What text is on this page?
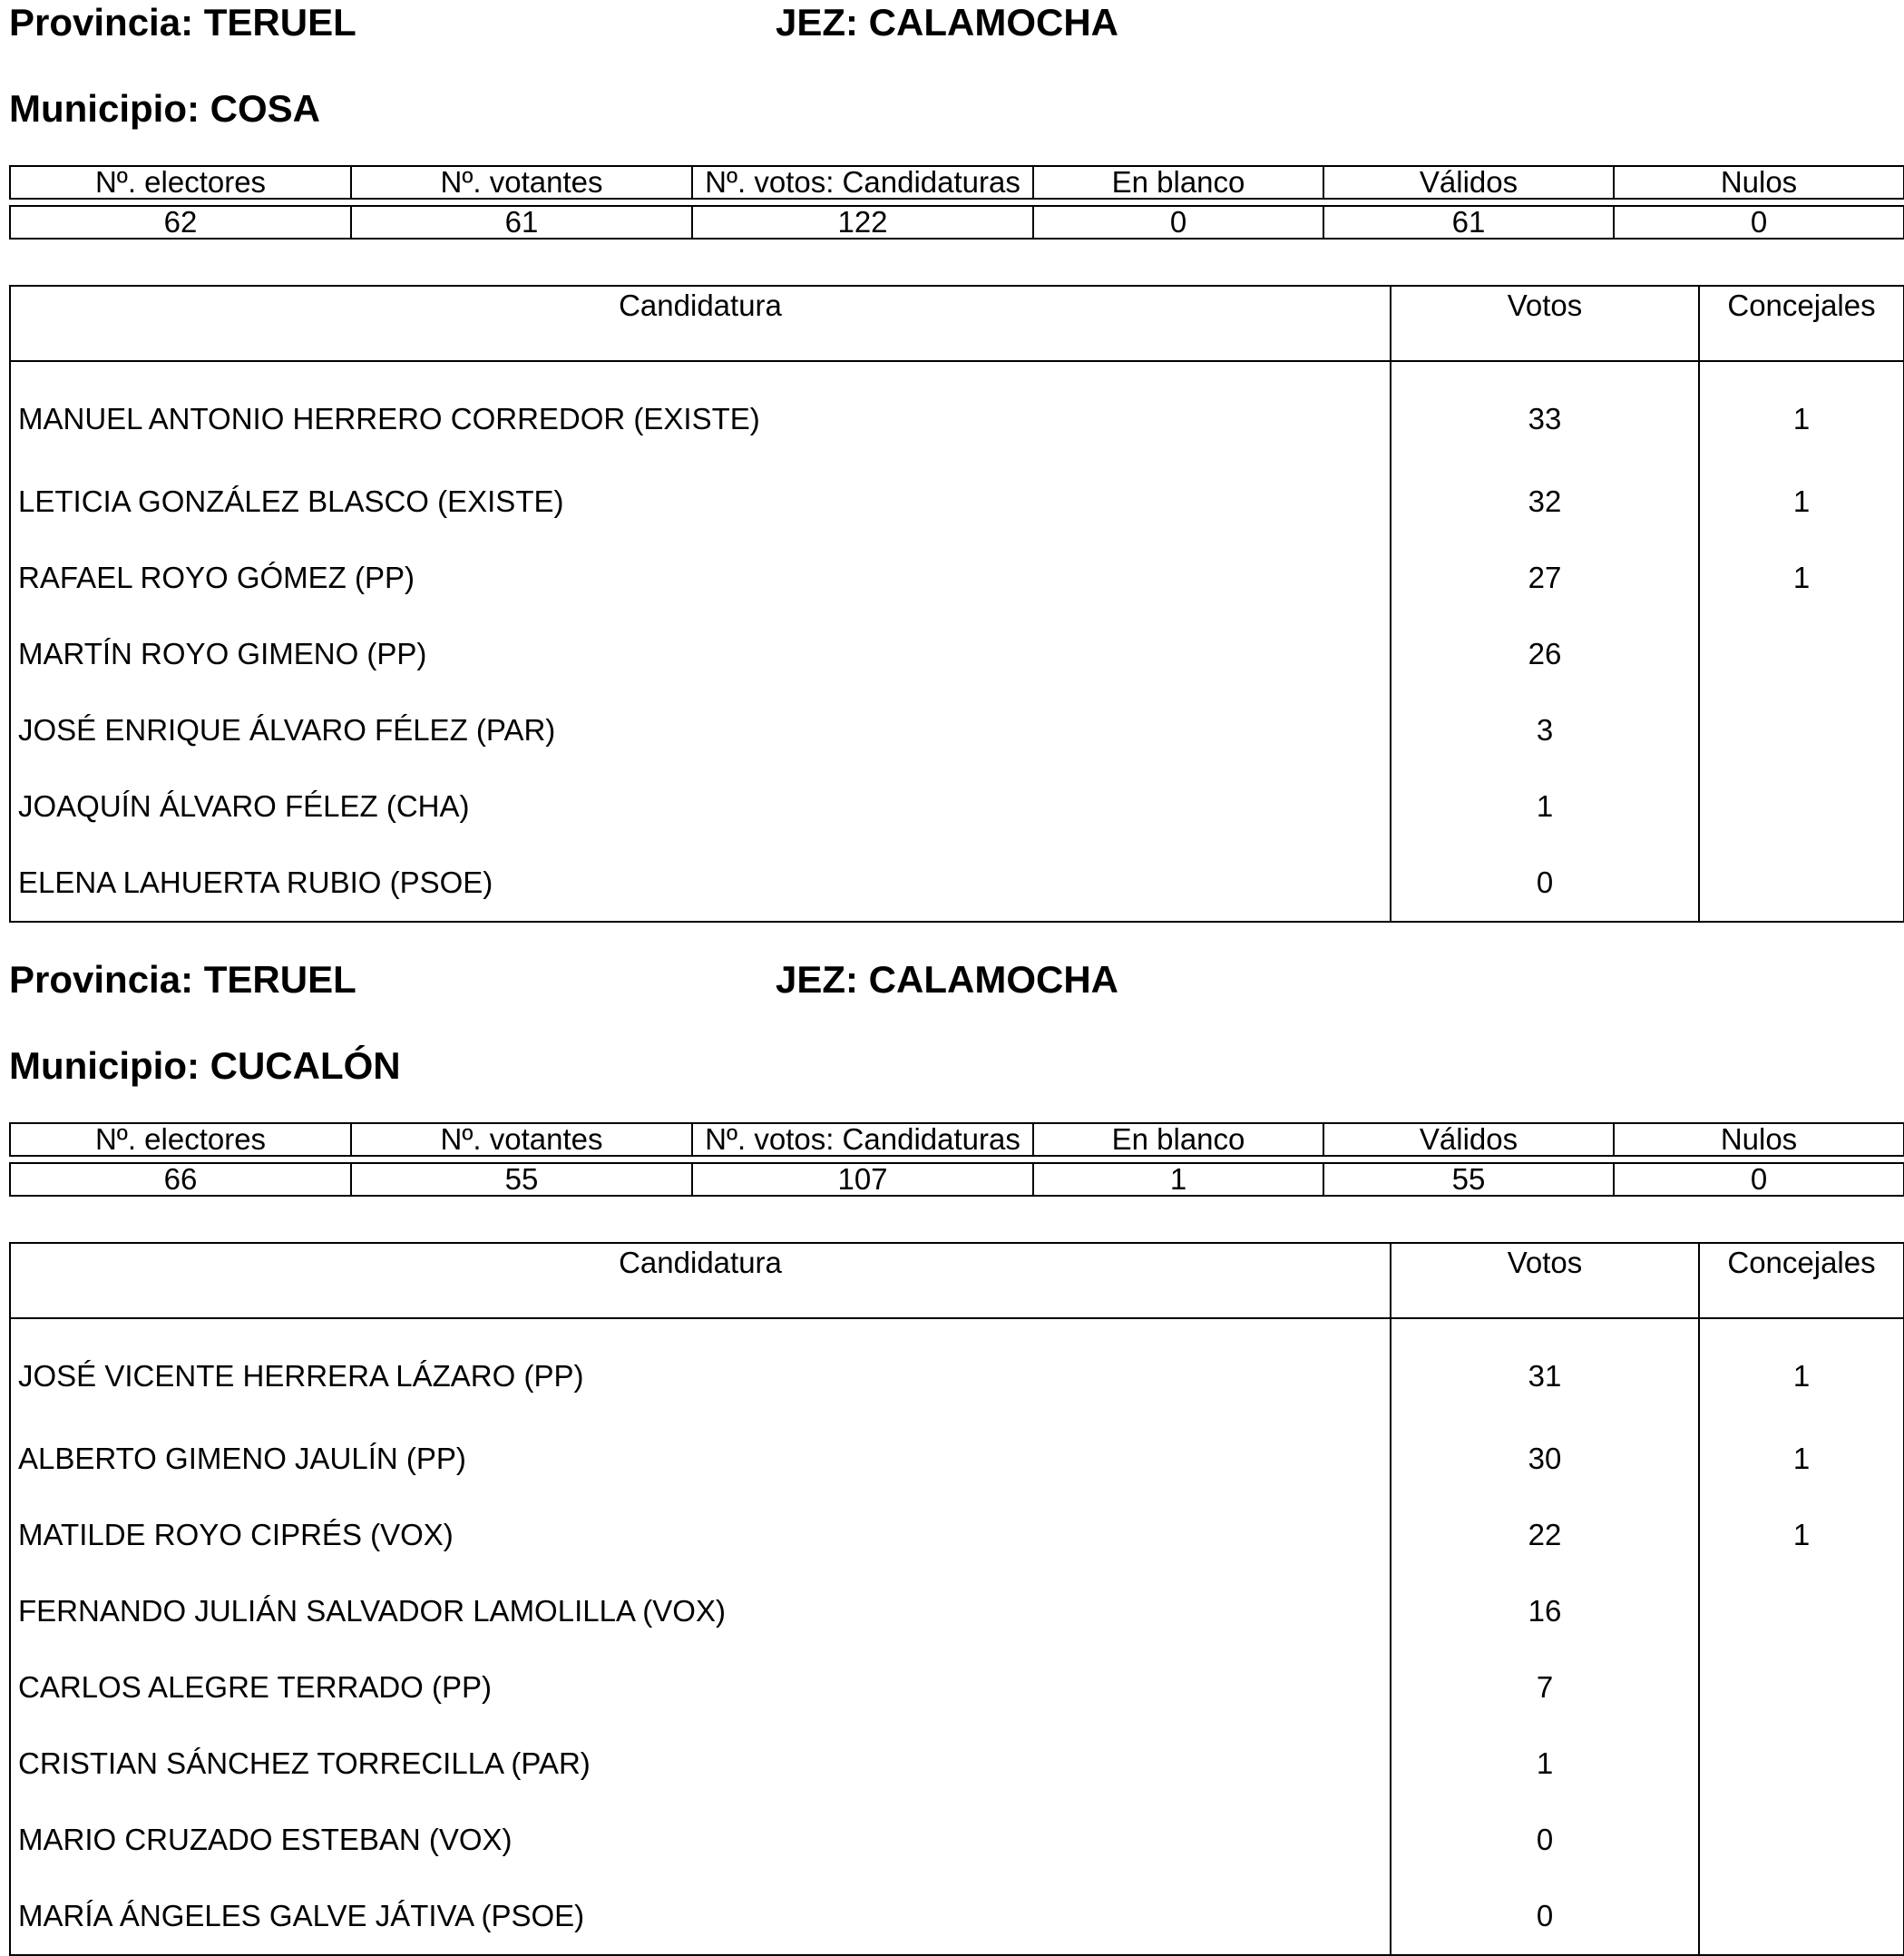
Provincia: TERUEL	JEZ: CALAMOCHA
Municipio: COSA
Nº. electores	Nº. votantes	Nº. votos: Candidaturas	En blanco	Válidos	Nulos

62	61	122	0	61	0
Candidatura	Votos	Concejales
MANUEL ANTONIO HERRERO CORREDOR (EXISTE)	33	1
LETICIA GONZÁLEZ BLASCO (EXISTE)	32	1
RAFAEL ROYO GÓMEZ (PP)	27	1
MARTÍN ROYO GIMENO (PP)	26	
JOSÉ ENRIQUE ÁLVARO FÉLEZ (PAR)	3	
JOAQUÍN ÁLVARO FÉLEZ (CHA)	1	
ELENA LAHUERTA RUBIO (PSOE)	0	
Provincia: TERUEL	JEZ: CALAMOCHA
Municipio: CUCALÓN
Nº. electores	Nº. votantes	Nº. votos: Candidaturas	En blanco	Válidos	Nulos

66	55	107	1	55	0
Candidatura	Votos	Concejales
JOSÉ VICENTE HERRERA LÁZARO (PP)	31	1
ALBERTO GIMENO JAULÍN (PP)	30	1
MATILDE ROYO CIPRÉS (VOX)	22	1
FERNANDO JULIÁN SALVADOR LAMOLILLA (VOX)	16	
CARLOS ALEGRE TERRADO (PP)	7	
CRISTIAN SÁNCHEZ TORRECILLA (PAR)	1	
MARIO CRUZADO ESTEBAN (VOX)	0	
MARÍA ÁNGELES GALVE JÁTIVA (PSOE)	0	
